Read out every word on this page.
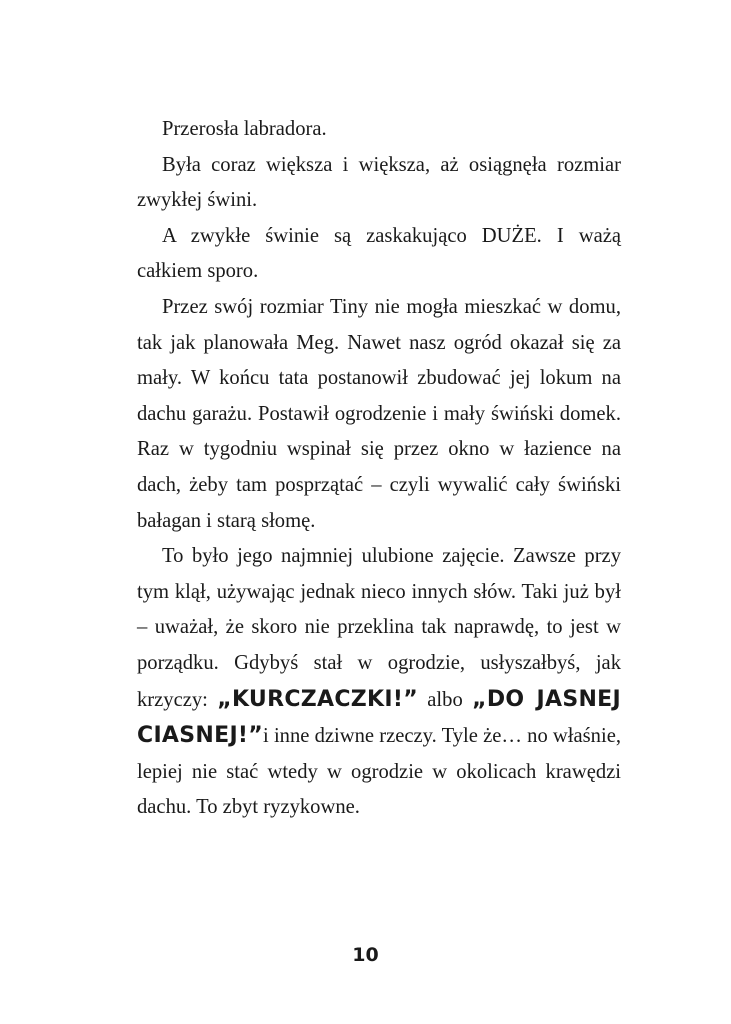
Przerosła labradora.

Była coraz większa i większa, aż osiągnęła rozmiar zwykłej świni.

A zwykłe świnie są zaskakująco DUŻE. I ważą całkiem sporo.

Przez swój rozmiar Tiny nie mogła mieszkać w domu, tak jak planowała Meg. Nawet nasz ogród okazał się za mały. W końcu tata postanowił zbudować jej lokum na dachu garażu. Postawił ogrodzenie i mały świński domek. Raz w tygodniu wspinał się przez okno w łazience na dach, żeby tam posprzątać – czyli wywalić cały świński bałagan i starą słomę.

To było jego najmniej ulubione zajęcie. Zawsze przy tym klął, używając jednak nieco innych słów. Taki już był – uważał, że skoro nie przeklina tak naprawdę, to jest w porządku. Gdybyś stał w ogrodzie, usłyszałbyś, jak krzyczy: „KURCZACZKI!” albo „DO JASNEJ CIASNEJ!”i inne dziwne rzeczy. Tyle że… no właśnie, lepiej nie stać wtedy w ogrodzie w okolicach krawędzi dachu. To zbyt ryzykowne.

10
